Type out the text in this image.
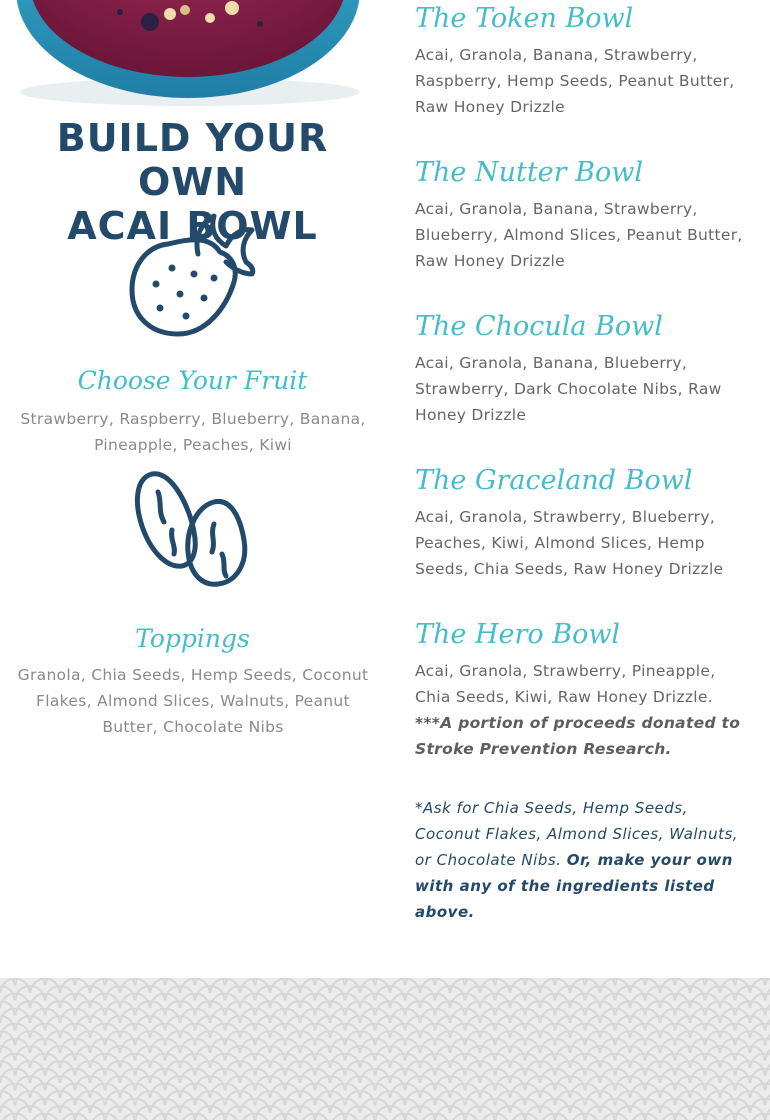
BUILD YOUR OWN
ACAI BOWL
Choose Your Fruit
Strawberry, Raspberry, Blueberry, Banana, Pineapple, Peaches, Kiwi
Toppings
Granola, Chia Seeds, Hemp Seeds, Coconut Flakes, Almond Slices, Walnuts, Peanut Butter, Chocolate Nibs

The Token Bowl

Acai, Granola, Banana, Strawberry, Raspberry, Hemp Seeds, Peanut Butter, Raw Honey Drizzle

The Nutter Bowl

Acai, Granola, Banana, Strawberry, Blueberry, Almond Slices, Peanut Butter, Raw Honey Drizzle

The Chocula Bowl

Acai, Granola, Banana, Blueberry, Strawberry, Dark Chocolate Nibs, Raw Honey Drizzle

The Graceland Bowl

Acai, Granola, Strawberry, Blueberry, Peaches, Kiwi, Almond Slices, Hemp Seeds, Chia Seeds, Raw Honey Drizzle

The Hero Bowl

Acai, Granola, Strawberry, Pineapple, Chia Seeds, Kiwi, Raw Honey Drizzle. ***A portion of proceeds donated to Stroke Prevention Research.

*Ask for Chia Seeds, Hemp Seeds, Coconut Flakes, Almond Slices, Walnuts, or Chocolate Nibs. Or, make your own with any of the ingredients listed above.
